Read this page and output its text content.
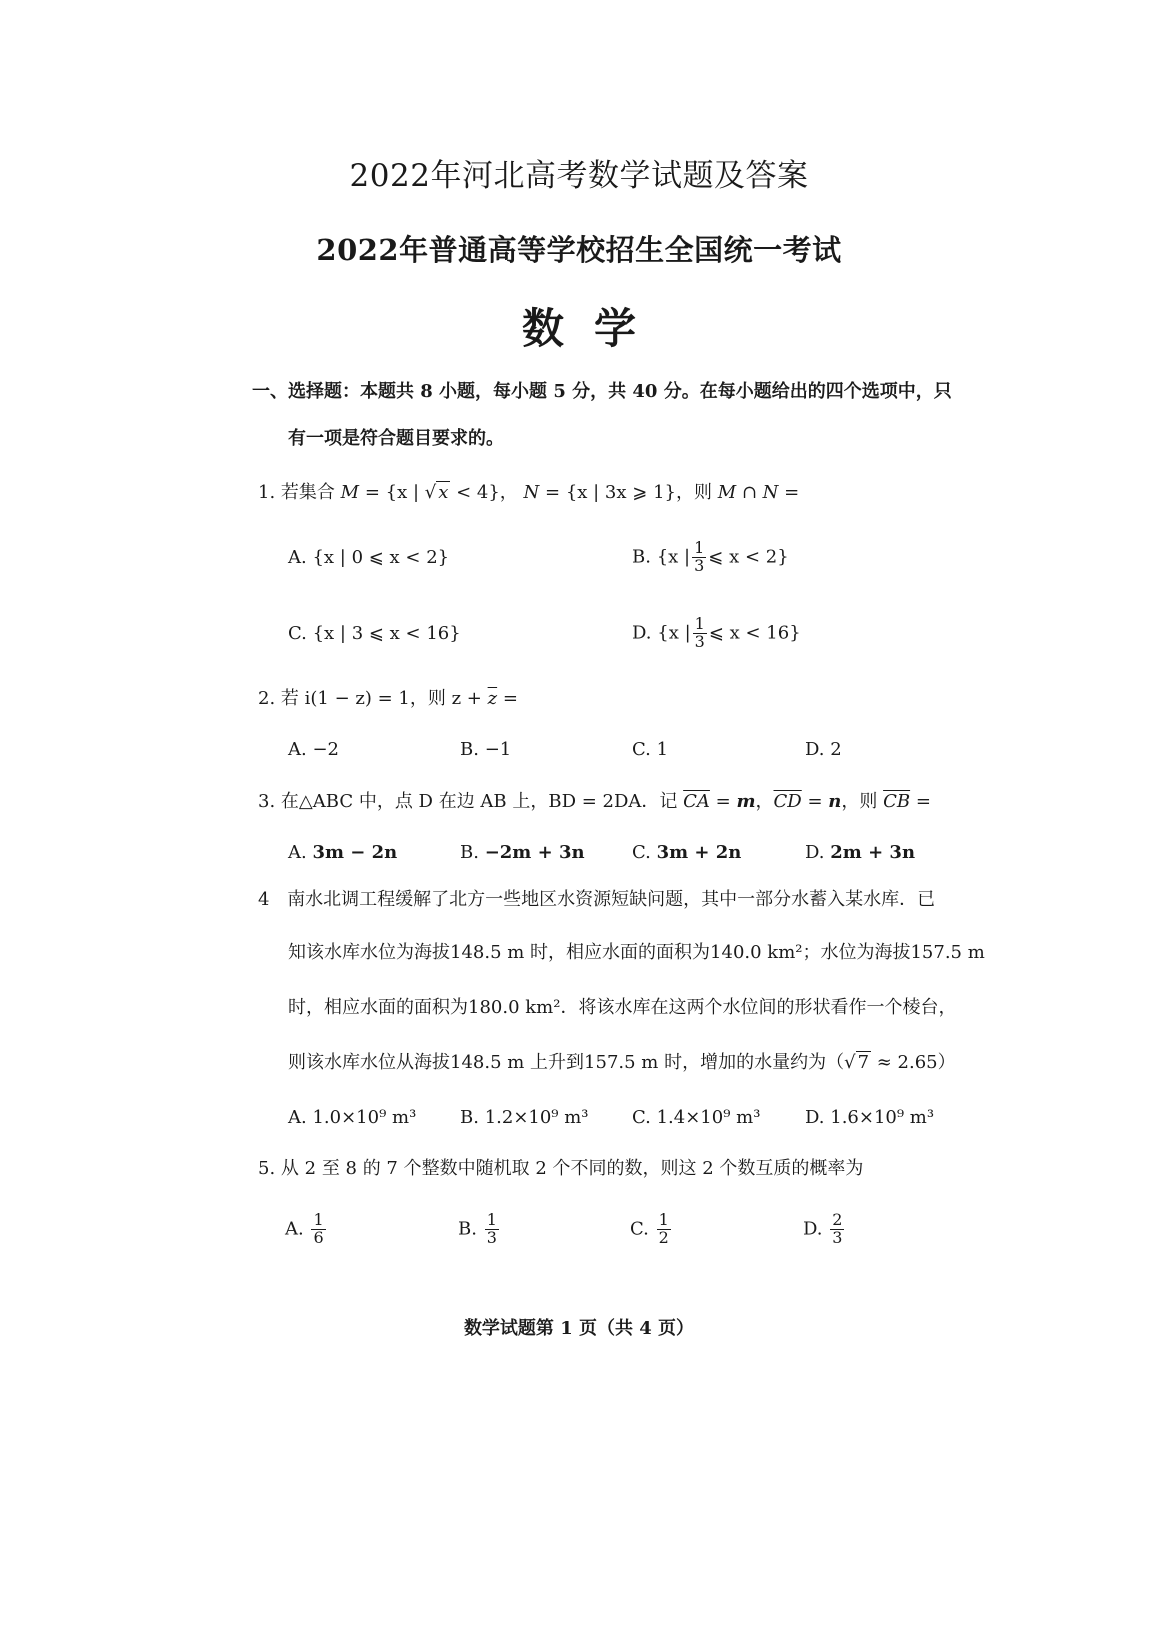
2022年河北高考数学试题及答案
2022年普通高等学校招生全国统一考试
数学
一、选择题：本题共 8 小题，每小题 5 分，共 40 分。在每小题给出的四个选项中，只
有一项是符合题目要求的。
1. 若集合 M = {x | √ x < 4}， N = {x | 3x ⩾ 1}，则 M ∩ N =
A. {x | 0 ⩽ x < 2}	B. {x | $\frac{1}{3}$ ⩽ x < 2}
C. {x | 3 ⩽ x < 16}	D. {x | $\frac{1}{3}$ ⩽ x < 16}
2. 若 i(1 − z) = 1，则 $z + \overline{z}$ =
A. −2	B. −1	C. 1	D. 2
3. 在△ABC 中，点 D 在边 AB 上，BD = 2DA．记 $\overline{CA} = m$，$\overline{CD} = n$，则 $\overline{CB}$ =
A. 3m − 2n	B. −2m + 3n	C. 3m + 2n	D. 2m + 3n
4 南水北调工程缓解了北方一些地区水资源短缺问题，其中一部分水蓄入某水库．已
知该水库水位为海拔148.5 m 时，相应水面的面积为140.0 km²；水位为海拔157.5 m
时，相应水面的面积为180.0 km²．将该水库在这两个水位间的形状看作一个棱台，
则该水库水位从海拔148.5 m 上升到157.5 m 时，增加的水量约为（√ 7 ≈ 2.65）
A. 1.0×10⁹ m³ B. 1.2×10⁹ m³ C. 1.4×10⁹ m³ D. 1.6×10⁹ m³
5. 从 2 至 8 的 7 个整数中随机取 2 个不同的数，则这 2 个数互质的概率为
A. $\frac{1}{6}$	B. $\frac{1}{3}$	C. $\frac{1}{2}$	D. $\frac{2}{3}$
数学试题第 1 页（共 4 页）
